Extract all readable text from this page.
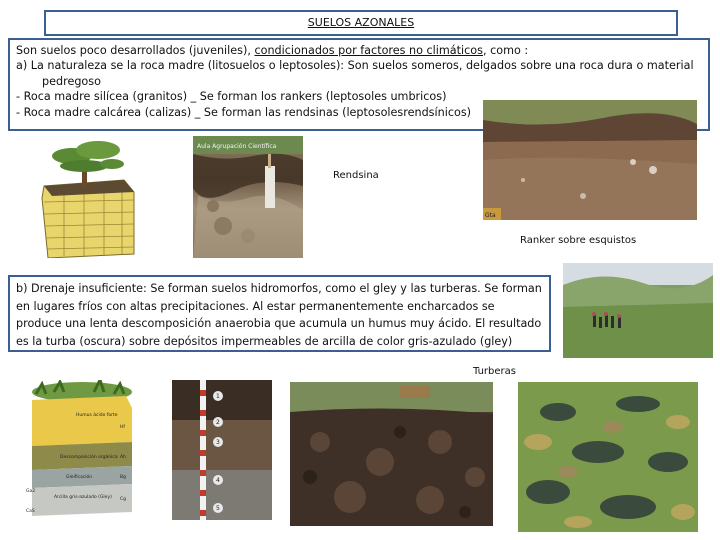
SUELOS AZONALES

Son suelos poco desarrollados (juveniles), condicionados por factores no climáticos, como :

a) La naturaleza se la roca madre (litosuelos o leptosoles): Son suelos someros, delgados sobre una roca dura o material

pedregoso

- Roca madre silícea (granitos) _ Se forman los rankers (leptosoles umbricos)

- Roca madre calcárea (calizas) _ Se forman las rendsinas (leptosolesrendsínicos)

Aula Agrupación Científica
Rendsina
Gta
Ranker sobre esquistos
b) Drenaje insuficiente: Se forman suelos hidromorfos, como el gley y las turberas. Se forman en lugares fríos con altas precipitaciones. Al estar permanentemente encharcados se produce una lenta descomposición anaerobia que acumula un humus muy ácido. El resultado es la turba (oscura) sobre depósitos impermeables de arcilla de color gris-azulado (gley)
Turberas
Humus ácido forte
Hf
Descomposición orgánica Ah
Gleificación	Bg
Arcilla gris-azulado (Gley) Cg
Ga2
CaS
1
2
3
4
5
